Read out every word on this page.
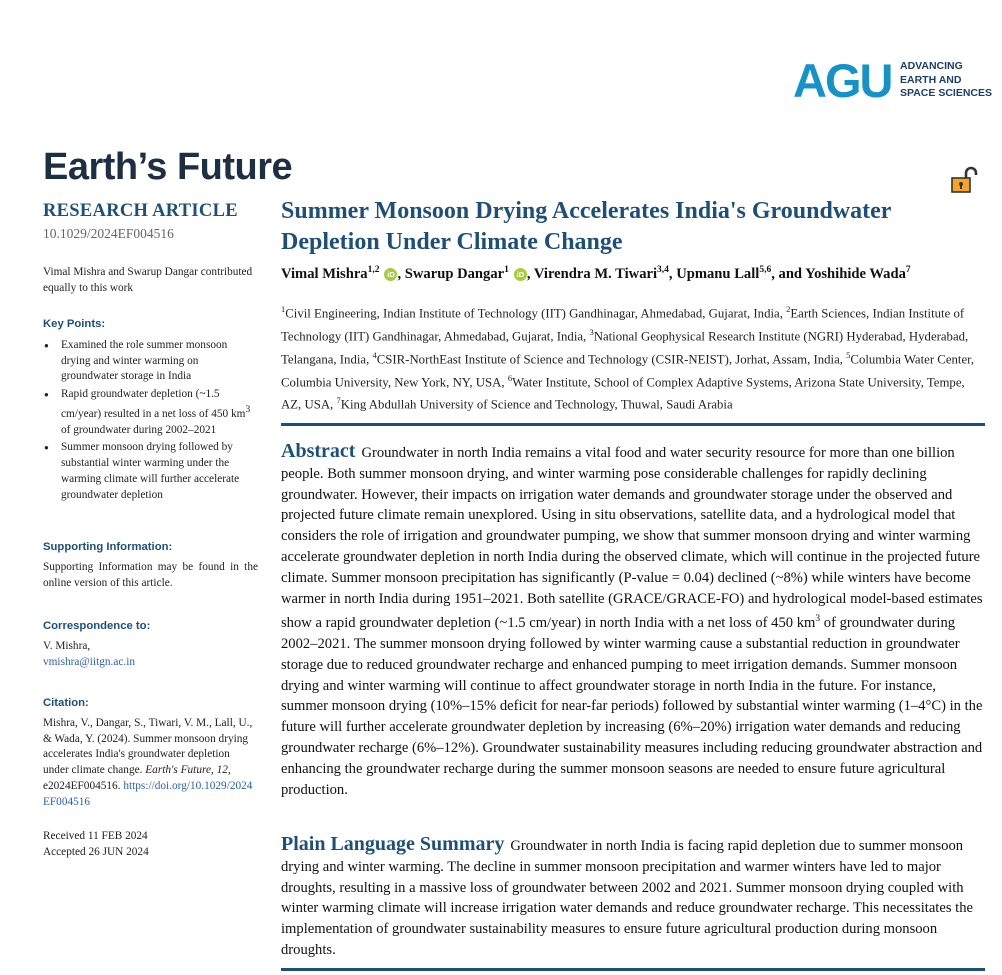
AGU ADVANCING
EARTH AND
SPACE SCIENCES
Earth’s Future
RESEARCH ARTICLE
10.1029/2024EF004516
Vimal Mishra and Swarup Dangar contributed equally to this work
Key Points:
● Examined the role summer monsoon drying and winter warming on groundwater storage in India
● Rapid groundwater depletion (~1.5 cm/year) resulted in a net loss of 450 $km^3$ of groundwater during 2002–2021
● Summer monsoon drying followed by substantial winter warming under the warming climate will further accelerate groundwater depletion
Supporting Information:
Supporting Information may be found in the online version of this article.
Correspondence to:
V. Mishra,
vmishra@iitgn.ac.in
Citation:
Mishra, V., Dangar, S., Tiwari, V. M., Lall, U., & Wada, Y. (2024). Summer monsoon drying accelerates India's groundwater depletion under climate change. Earth's Future, 12, e2024EF004516. https://doi.org/10.1029/2024EF004516
Received 11 FEB 2024
Accepted 26 JUN 2024
Summer Monsoon Drying Accelerates India's Groundwater Depletion Under Climate Change
Vimal Mishra$^{1,2}$ iD , Swarup Dangar$^1$ iD , Virendra M. Tiwari$^{3,4}$, Upmanu Lall$^{5,6}$, and Yoshihide Wada$^7$
$^1$Civil Engineering, Indian Institute of Technology (IIT) Gandhinagar, Ahmedabad, Gujarat, India, $^2$Earth Sciences, Indian Institute of Technology (IIT) Gandhinagar, Ahmedabad, Gujarat, India, $^3$National Geophysical Research Institute (NGRI) Hyderabad, Hyderabad, Telangana, India, $^4$CSIR-NorthEast Institute of Science and Technology (CSIR-NEIST), Jorhat, Assam, India, $^5$Columbia Water Center, Columbia University, New York, NY, USA, $^6$Water Institute, School of Complex Adaptive Systems, Arizona State University, Tempe, AZ, USA, $^7$King Abdullah University of Science and Technology, Thuwal, Saudi Arabia
Abstract Groundwater in north India remains a vital food and water security resource for more than one billion people. Both summer monsoon drying, and winter warming pose considerable challenges for rapidly declining groundwater. However, their impacts on irrigation water demands and groundwater storage under the observed and projected future climate remain unexplored. Using in situ observations, satellite data, and a hydrological model that considers the role of irrigation and groundwater pumping, we show that summer monsoon drying and winter warming accelerate groundwater depletion in north India during the observed climate, which will continue in the projected future climate. Summer monsoon precipitation has significantly (P-value = 0.04) declined (~8%) while winters have become warmer in north India during 1951–2021. Both satellite (GRACE/GRACE-FO) and hydrological model-based estimates show a rapid groundwater depletion (~1.5 cm/year) in north India with a net loss of 450 $km^3$ of groundwater during 2002–2021. The summer monsoon drying followed by winter warming cause a substantial reduction in groundwater storage due to reduced groundwater recharge and enhanced pumping to meet irrigation demands. Summer monsoon drying and winter warming will continue to affect groundwater storage in north India in the future. For instance, summer monsoon drying (10%–15% deficit for near-far periods) followed by substantial winter warming (1–4°C) in the future will further accelerate groundwater depletion by increasing (6%–20%) irrigation water demands and reducing groundwater recharge (6%–12%). Groundwater sustainability measures including reducing groundwater abstraction and enhancing the groundwater recharge during the summer monsoon seasons are needed to ensure future agricultural production.
Plain Language Summary Groundwater in north India is facing rapid depletion due to summer monsoon drying and winter warming. The decline in summer monsoon precipitation and warmer winters have led to major droughts, resulting in a massive loss of groundwater between 2002 and 2021. Summer monsoon drying coupled with winter warming climate will increase irrigation water demands and reduce groundwater recharge. This necessitates the implementation of groundwater sustainability measures to ensure future agricultural production during monsoon droughts.
